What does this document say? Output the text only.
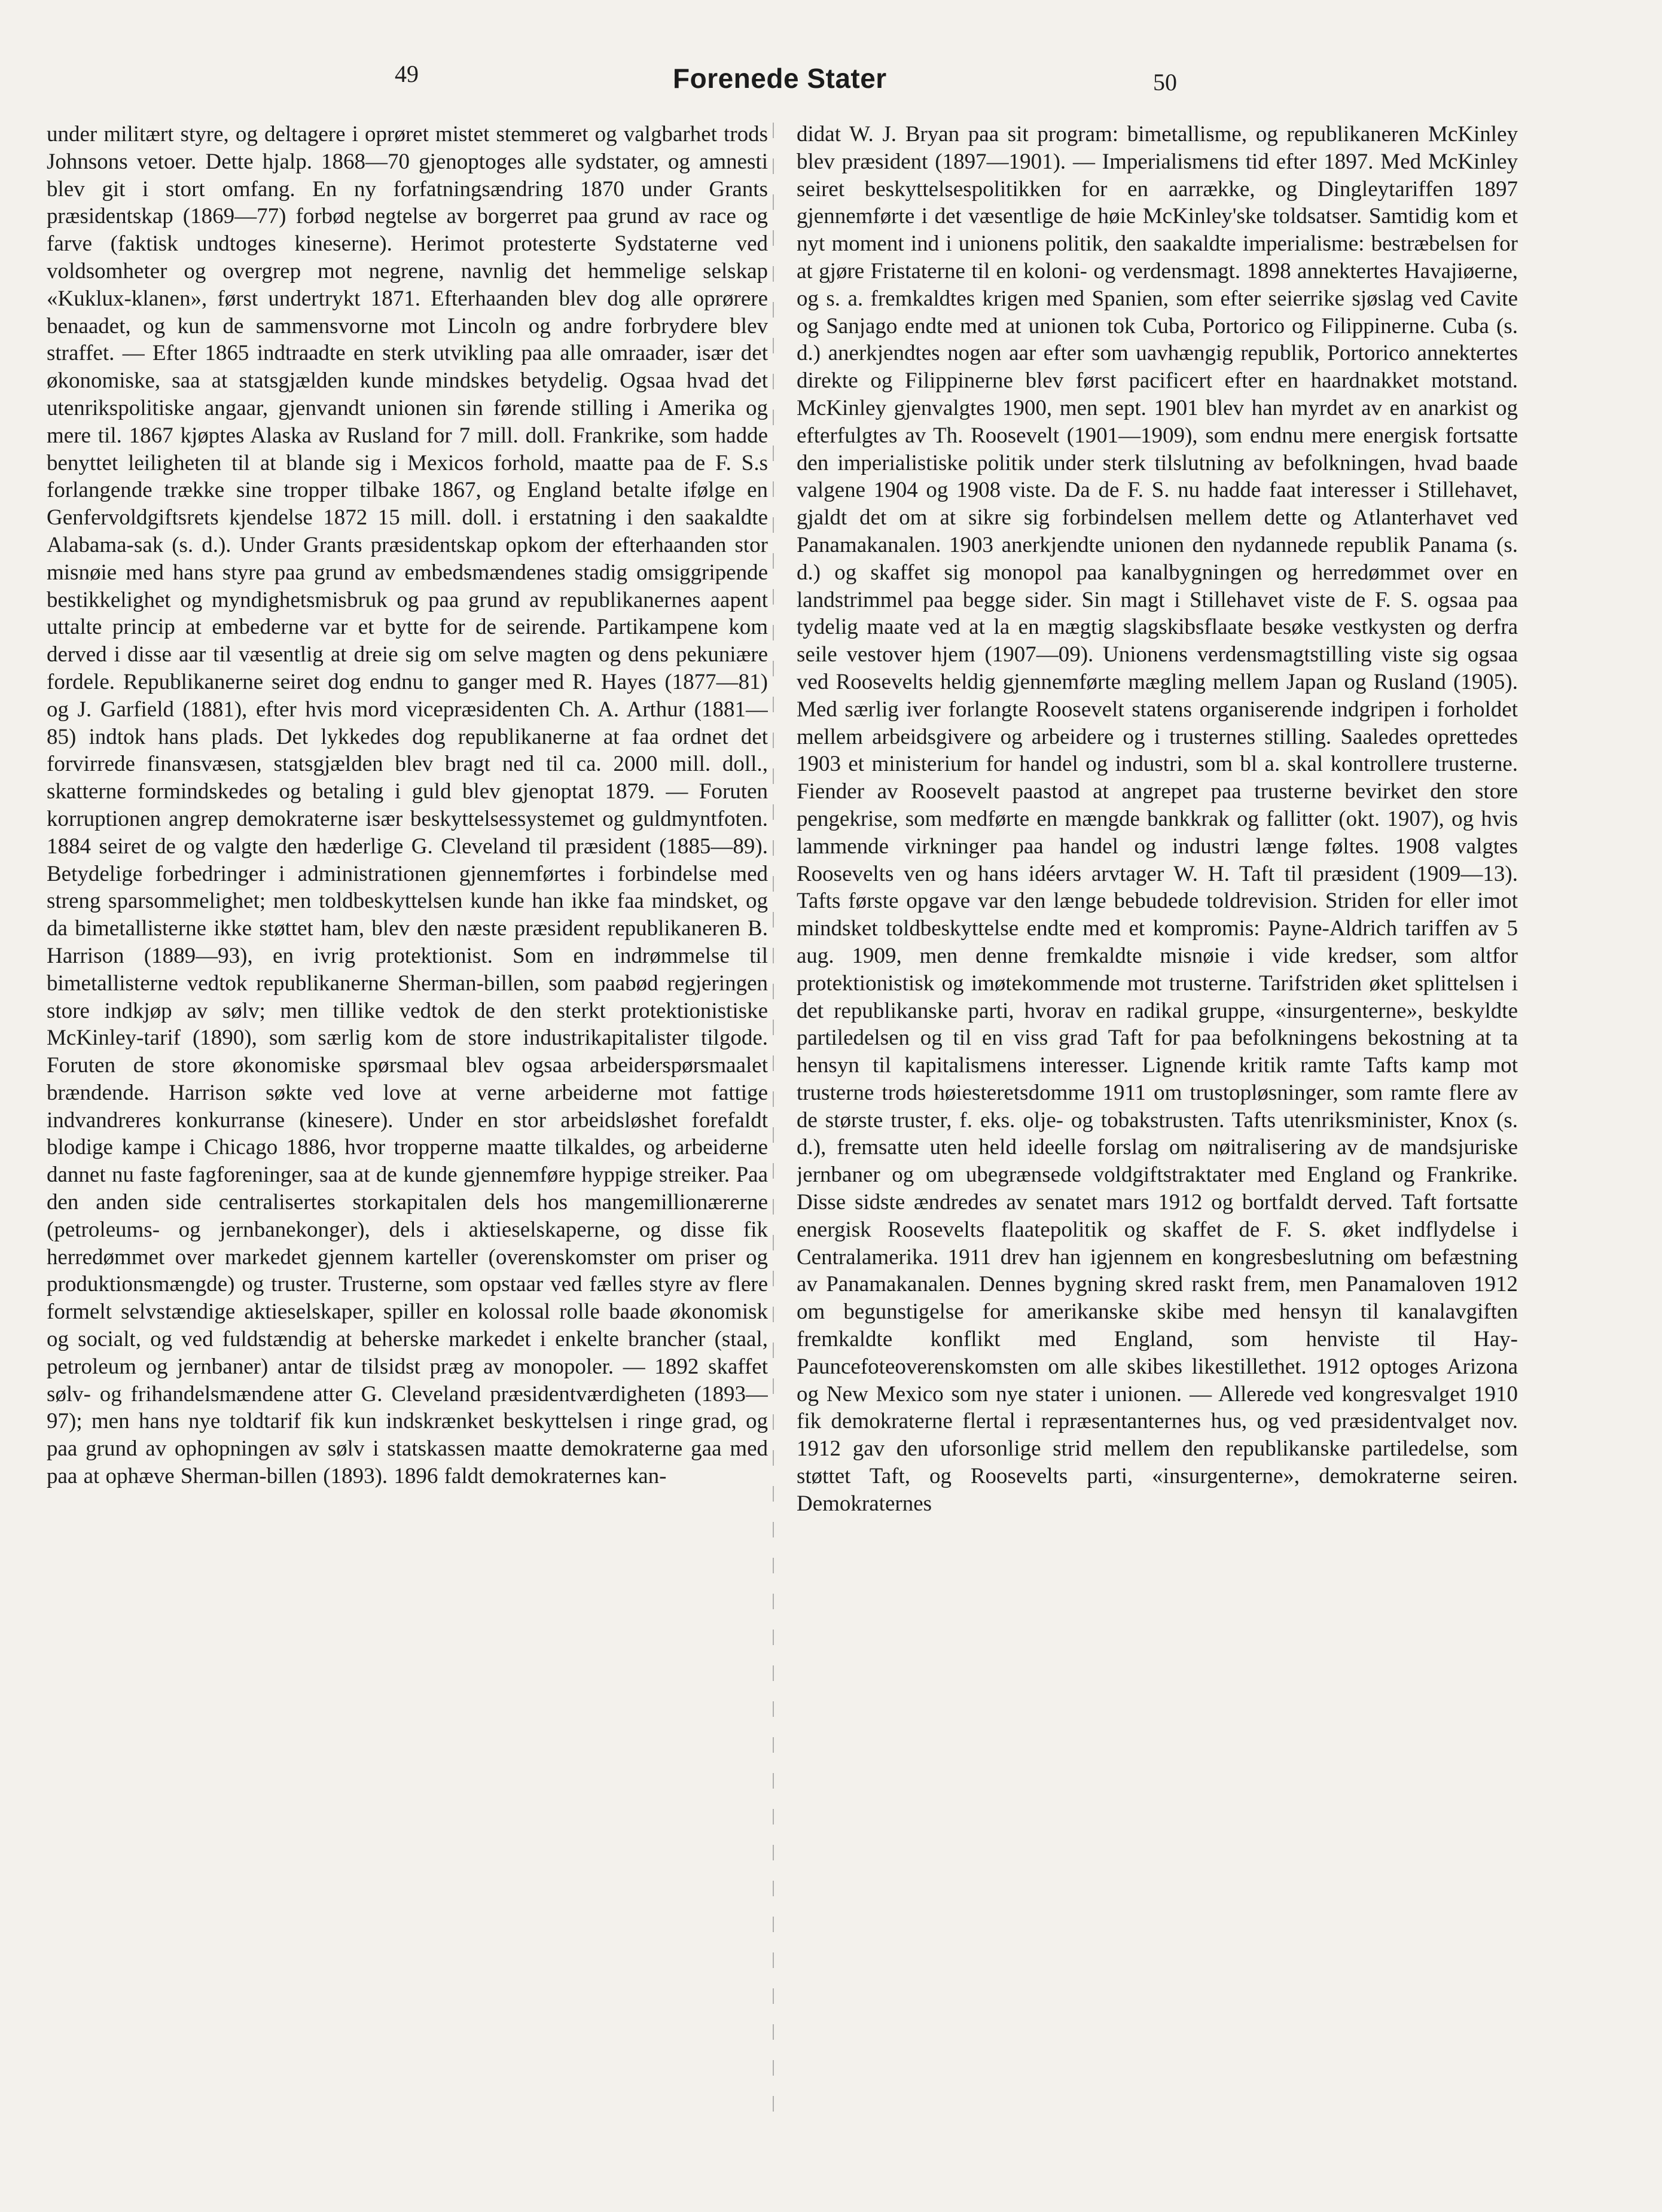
49	Forenede Stater	50

under militært styre, og deltagere i oprøret mistet stemmeret og valgbarhet trods Johnsons vetoer. Dette hjalp. 1868—70 gjenoptoges alle sydstater, og amnesti blev git i stort omfang. En ny forfatningsændring 1870 under Grants præsidentskap (1869—77) forbød negtelse av borgerret paa grund av race og farve (faktisk undtoges kineserne). Herimot protesterte Sydstaterne ved voldsomheter og overgrep mot negrene, navnlig det hemmelige selskap «Kuklux-klanen», først undertrykt 1871. Efterhaanden blev dog alle oprørere benaadet, og kun de sammensvorne mot Lincoln og andre forbrydere blev straffet. — Efter 1865 indtraadte en sterk utvikling paa alle omraader, især det økonomiske, saa at statsgjælden kunde mindskes betydelig. Ogsaa hvad det utenrikspolitiske angaar, gjenvandt unionen sin førende stilling i Amerika og mere til. 1867 kjøptes Alaska av Rusland for 7 mill. doll. Frankrike, som hadde benyttet leiligheten til at blande sig i Mexicos forhold, maatte paa de F. S.s forlangende trække sine tropper tilbake 1867, og England betalte ifølge en Genfervoldgiftsrets kjendelse 1872 15 mill. doll. i erstatning i den saakaldte Alabama-sak (s. d.). Under Grants præsidentskap opkom der efterhaanden stor misnøie med hans styre paa grund av embedsmændenes stadig omsiggripende bestikkelighet og myndighetsmisbruk og paa grund av republikanernes aapent uttalte princip at embederne var et bytte for de seirende. Partikampene kom derved i disse aar til væsentlig at dreie sig om selve magten og dens pekuniære fordele. Republikanerne seiret dog endnu to ganger med R. Hayes (1877—81) og J. Garfield (1881), efter hvis mord vicepræsidenten Ch. A. Arthur (1881—85) indtok hans plads. Det lykkedes dog republikanerne at faa ordnet det forvirrede finansvæsen, statsgjælden blev bragt ned til ca. 2000 mill. doll., skatterne formindskedes og betaling i guld blev gjenoptat 1879. — Foruten korruptionen angrep demokraterne især beskyttelsessystemet og guldmyntfoten. 1884 seiret de og valgte den hæderlige G. Cleveland til præsident (1885—89). Betydelige forbedringer i administrationen gjennemførtes i forbindelse med streng sparsommelighet; men toldbeskyttelsen kunde han ikke faa mindsket, og da bimetallisterne ikke støttet ham, blev den næste præsident republikaneren B. Harrison (1889—93), en ivrig protektionist. Som en indrømmelse til bimetallisterne vedtok republikanerne Sherman-billen, som paabød regjeringen store indkjøp av sølv; men tillike vedtok de den sterkt protektionistiske McKinley-tarif (1890), som særlig kom de store industrikapitalister tilgode. Foruten de store økonomiske spørsmaal blev ogsaa arbeiderspørsmaalet brændende. Harrison søkte ved love at verne arbeiderne mot fattige indvandreres konkurranse (kinesere). Under en stor arbeidsløshet forefaldt blodige kampe i Chicago 1886, hvor tropperne maatte tilkaldes, og arbeiderne dannet nu faste fagforeninger, saa at de kunde gjennemføre hyppige streiker. Paa den anden side centralisertes storkapitalen dels hos mangemillionærerne (petroleums- og jernbanekonger), dels i aktieselskaperne, og disse fik herredømmet over markedet gjennem karteller (overenskomster om priser og produktionsmængde) og truster. Trusterne, som opstaar ved fælles styre av flere formelt selvstændige aktieselskaper, spiller en kolossal rolle baade økonomisk og socialt, og ved fuldstændig at beherske markedet i enkelte brancher (staal, petroleum og jernbaner) antar de tilsidst præg av monopoler. — 1892 skaffet sølv- og frihandelsmændene atter G. Cleveland præsidentværdigheten (1893—97); men hans nye toldtarif fik kun indskrænket beskyttelsen i ringe grad, og paa grund av ophopningen av sølv i statskassen maatte demokraterne gaa med paa at ophæve Sherman-billen (1893). 1896 faldt demokraternes kan-

didat W. J. Bryan paa sit program: bimetallisme, og republikaneren McKinley blev præsident (1897—1901). — Imperialismens tid efter 1897. Med McKinley seiret beskyttelsespolitikken for en aarrække, og Dingleytariffen 1897 gjennemførte i det væsentlige de høie McKinley'ske toldsatser. Samtidig kom et nyt moment ind i unionens politik, den saakaldte imperialisme: bestræbelsen for at gjøre Fristaterne til en koloni- og verdensmagt. 1898 annektertes Havajiøerne, og s. a. fremkaldtes krigen med Spanien, som efter seierrike sjøslag ved Cavite og Sanjago endte med at unionen tok Cuba, Portorico og Filippinerne. Cuba (s. d.) anerkjendtes nogen aar efter som uavhængig republik, Portorico annektertes direkte og Filippinerne blev først pacificert efter en haardnakket motstand. McKinley gjenvalgtes 1900, men sept. 1901 blev han myrdet av en anarkist og efterfulgtes av Th. Roosevelt (1901—1909), som endnu mere energisk fortsatte den imperialistiske politik under sterk tilslutning av befolkningen, hvad baade valgene 1904 og 1908 viste. Da de F. S. nu hadde faat interesser i Stillehavet, gjaldt det om at sikre sig forbindelsen mellem dette og Atlanterhavet ved Panamakanalen. 1903 anerkjendte unionen den nydannede republik Panama (s. d.) og skaffet sig monopol paa kanalbygningen og herredømmet over en landstrimmel paa begge sider. Sin magt i Stillehavet viste de F. S. ogsaa paa tydelig maate ved at la en mægtig slagskibsflaate besøke vestkysten og derfra seile vestover hjem (1907—09). Unionens verdensmagtstilling viste sig ogsaa ved Roosevelts heldig gjennemførte mægling mellem Japan og Rusland (1905). Med særlig iver forlangte Roosevelt statens organiserende indgripen i forholdet mellem arbeidsgivere og arbeidere og i trusternes stilling. Saaledes oprettedes 1903 et ministerium for handel og industri, som bl a. skal kontrollere trusterne. Fiender av Roosevelt paastod at angrepet paa trusterne bevirket den store pengekrise, som medførte en mængde bankkrak og fallitter (okt. 1907), og hvis lammende virkninger paa handel og industri længe føltes. 1908 valgtes Roosevelts ven og hans idéers arvtager W. H. Taft til præsident (1909—13). Tafts første opgave var den længe bebudede toldrevision. Striden for eller imot mindsket toldbeskyttelse endte med et kompromis: Payne-Aldrich tariffen av 5 aug. 1909, men denne fremkaldte misnøie i vide kredser, som altfor protektionistisk og imøtekommende mot trusterne. Tarifstriden øket splittelsen i det republikanske parti, hvorav en radikal gruppe, «insurgenterne», beskyldte partiledelsen og til en viss grad Taft for paa befolkningens bekostning at ta hensyn til kapitalismens interesser. Lignende kritik ramte Tafts kamp mot trusterne trods høiesteretsdomme 1911 om trustopløsninger, som ramte flere av de største truster, f. eks. olje- og tobakstrusten. Tafts utenriksminister, Knox (s. d.), fremsatte uten held ideelle forslag om nøitralisering av de mandsjuriske jernbaner og om ubegrænsede voldgiftstraktater med England og Frankrike. Disse sidste ændredes av senatet mars 1912 og bortfaldt derved. Taft fortsatte energisk Roosevelts flaatepolitik og skaffet de F. S. øket indflydelse i Centralamerika. 1911 drev han igjennem en kongresbeslutning om befæstning av Panamakanalen. Dennes bygning skred raskt frem, men Panamaloven 1912 om begunstigelse for amerikanske skibe med hensyn til kanalavgiften fremkaldte konflikt med England, som henviste til Hay-Pauncefoteoverenskomsten om alle skibes likestillethet. 1912 optoges Arizona og New Mexico som nye stater i unionen. — Allerede ved kongresvalget 1910 fik demokraterne flertal i repræsentanternes hus, og ved præsidentvalget nov. 1912 gav den uforsonlige strid mellem den republikanske partiledelse, som støttet Taft, og Roosevelts parti, «insurgenterne», demokraterne seiren. Demokraternes
